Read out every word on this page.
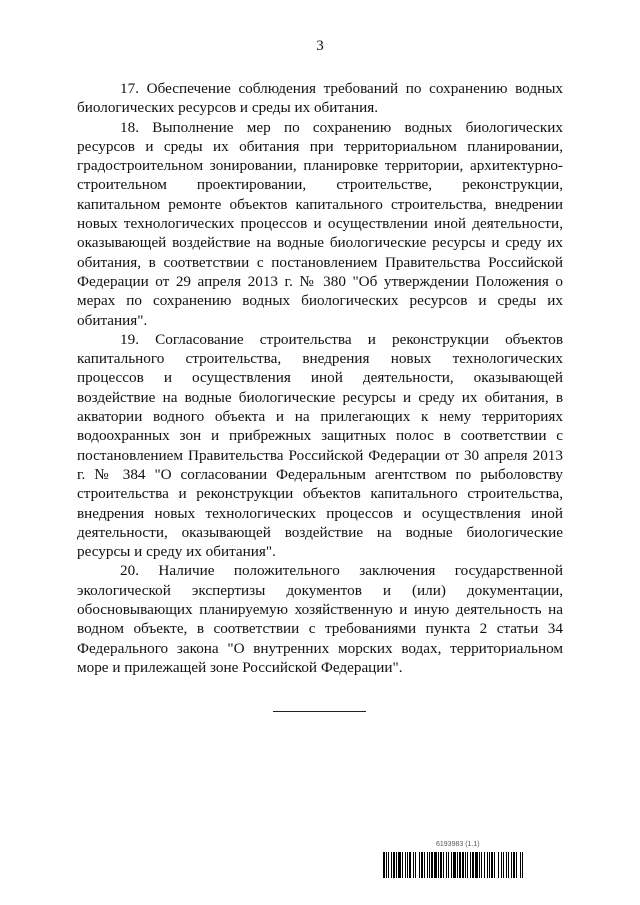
3

17. Обеспечение соблюдения требований по сохранению водных биологических ресурсов и среды их обитания.

18. Выполнение мер по сохранению водных биологических ресурсов и среды их обитания при территориальном планировании, градостроительном зонировании, планировке территории, архитектурно-строительном проектировании, строительстве, реконструкции, капитальном ремонте объектов капитального строительства, внедрении новых технологических процессов и осуществлении иной деятельности, оказывающей воздействие на водные биологические ресурсы и среду их обитания, в соответствии с постановлением Правительства Российской Федерации от 29 апреля 2013 г. № 380 "Об утверждении Положения о мерах по сохранению водных биологических ресурсов и среды их обитания".

19. Согласование строительства и реконструкции объектов капитального строительства, внедрения новых технологических процессов и осуществления иной деятельности, оказывающей воздействие на водные биологические ресурсы и среду их обитания, в акватории водного объекта и на прилегающих к нему территориях водоохранных зон и прибрежных защитных полос в соответствии с постановлением Правительства Российской Федерации от 30 апреля 2013 г. № 384 "О согласовании Федеральным агентством по рыболовству строительства и реконструкции объектов капитального строительства, внедрения новых технологических процессов и осуществления иной деятельности, оказывающей воздействие на водные биологические ресурсы и среду их обитания".

20. Наличие положительного заключения государственной экологической экспертизы документов и (или) документации, обосновывающих планируемую хозяйственную и иную деятельность на водном объекте, в соответствии с требованиями пункта 2 статьи 34 Федерального закона "О внутренних морских водах, территориальном море и прилежащей зоне Российской Федерации".

6193983 (1.1)
